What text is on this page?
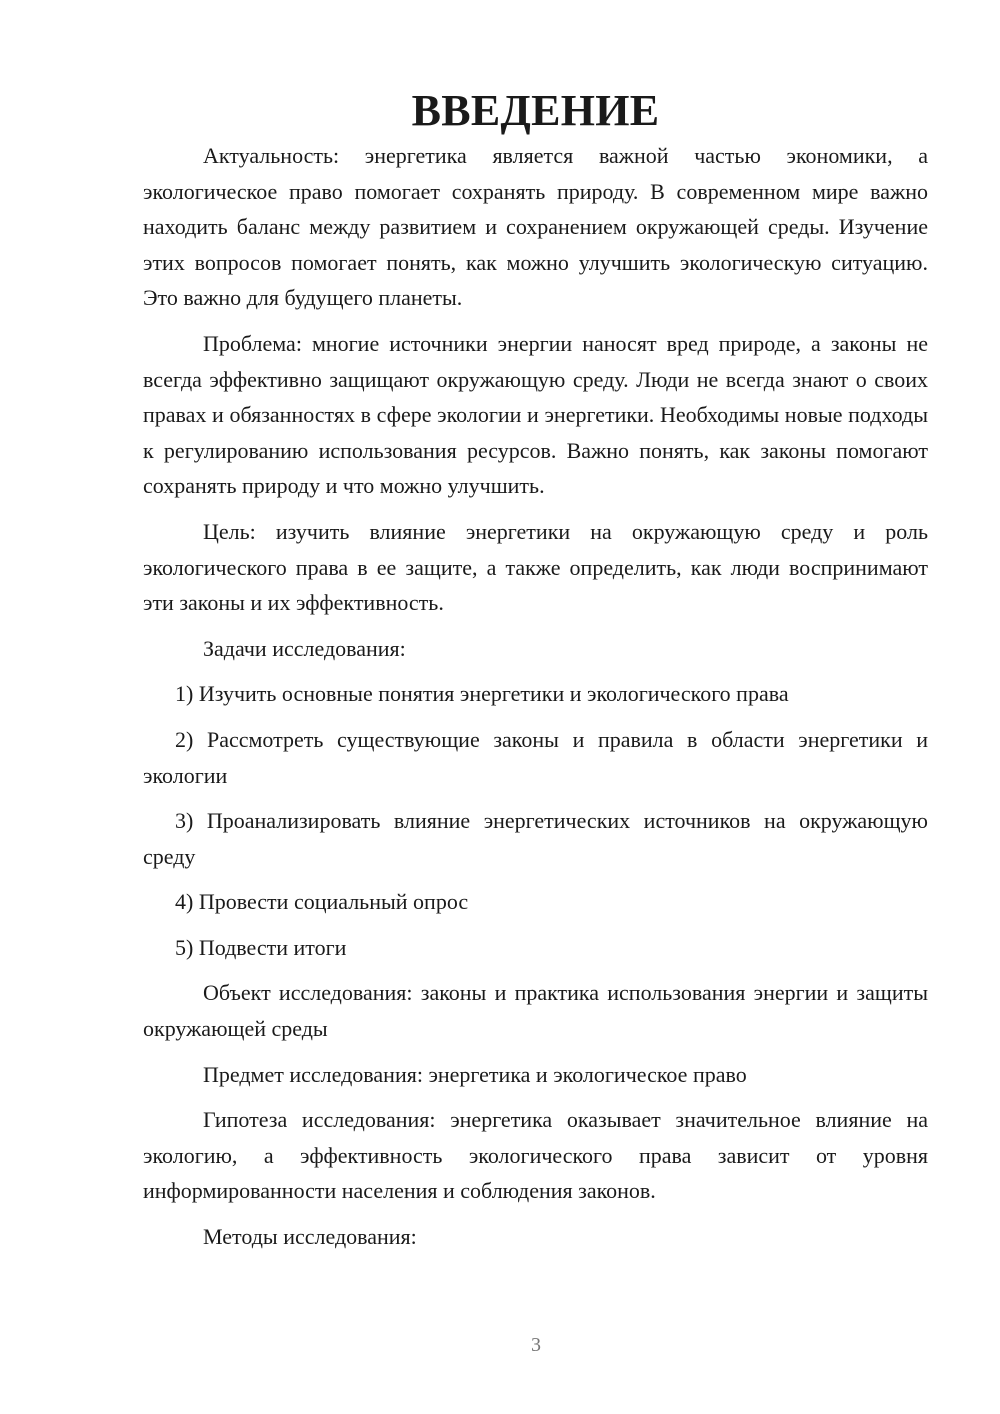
ВВЕДЕНИЕ

Актуальность: энергетика является важной частью экономики, а экологическое право помогает сохранять природу. В современном мире важно находить баланс между развитием и сохранением окружающей среды. Изучение этих вопросов помогает понять, как можно улучшить экологическую ситуацию. Это важно для будущего планеты.

Проблема: многие источники энергии наносят вред природе, а законы не всегда эффективно защищают окружающую среду. Люди не всегда знают о своих правах и обязанностях в сфере экологии и энергетики. Необходимы новые подходы к регулированию использования ресурсов. Важно понять, как законы помогают сохранять природу и что можно улучшить.

Цель: изучить влияние энергетики на окружающую среду и роль экологического права в ее защите, а также определить, как люди воспринимают эти законы и их эффективность.

Задачи исследования:

1) Изучить основные понятия энергетики и экологического права

2) Рассмотреть существующие законы и правила в области энергетики и экологии

3) Проанализировать влияние энергетических источников на окружающую среду

4) Провести социальный опрос

5) Подвести итоги

Объект исследования: законы и практика использования энергии и защиты окружающей среды

Предмет исследования: энергетика и экологическое право

Гипотеза исследования: энергетика оказывает значительное влияние на экологию, а эффективность экологического права зависит от уровня информированности населения и соблюдения законов.

Методы исследования:

3
